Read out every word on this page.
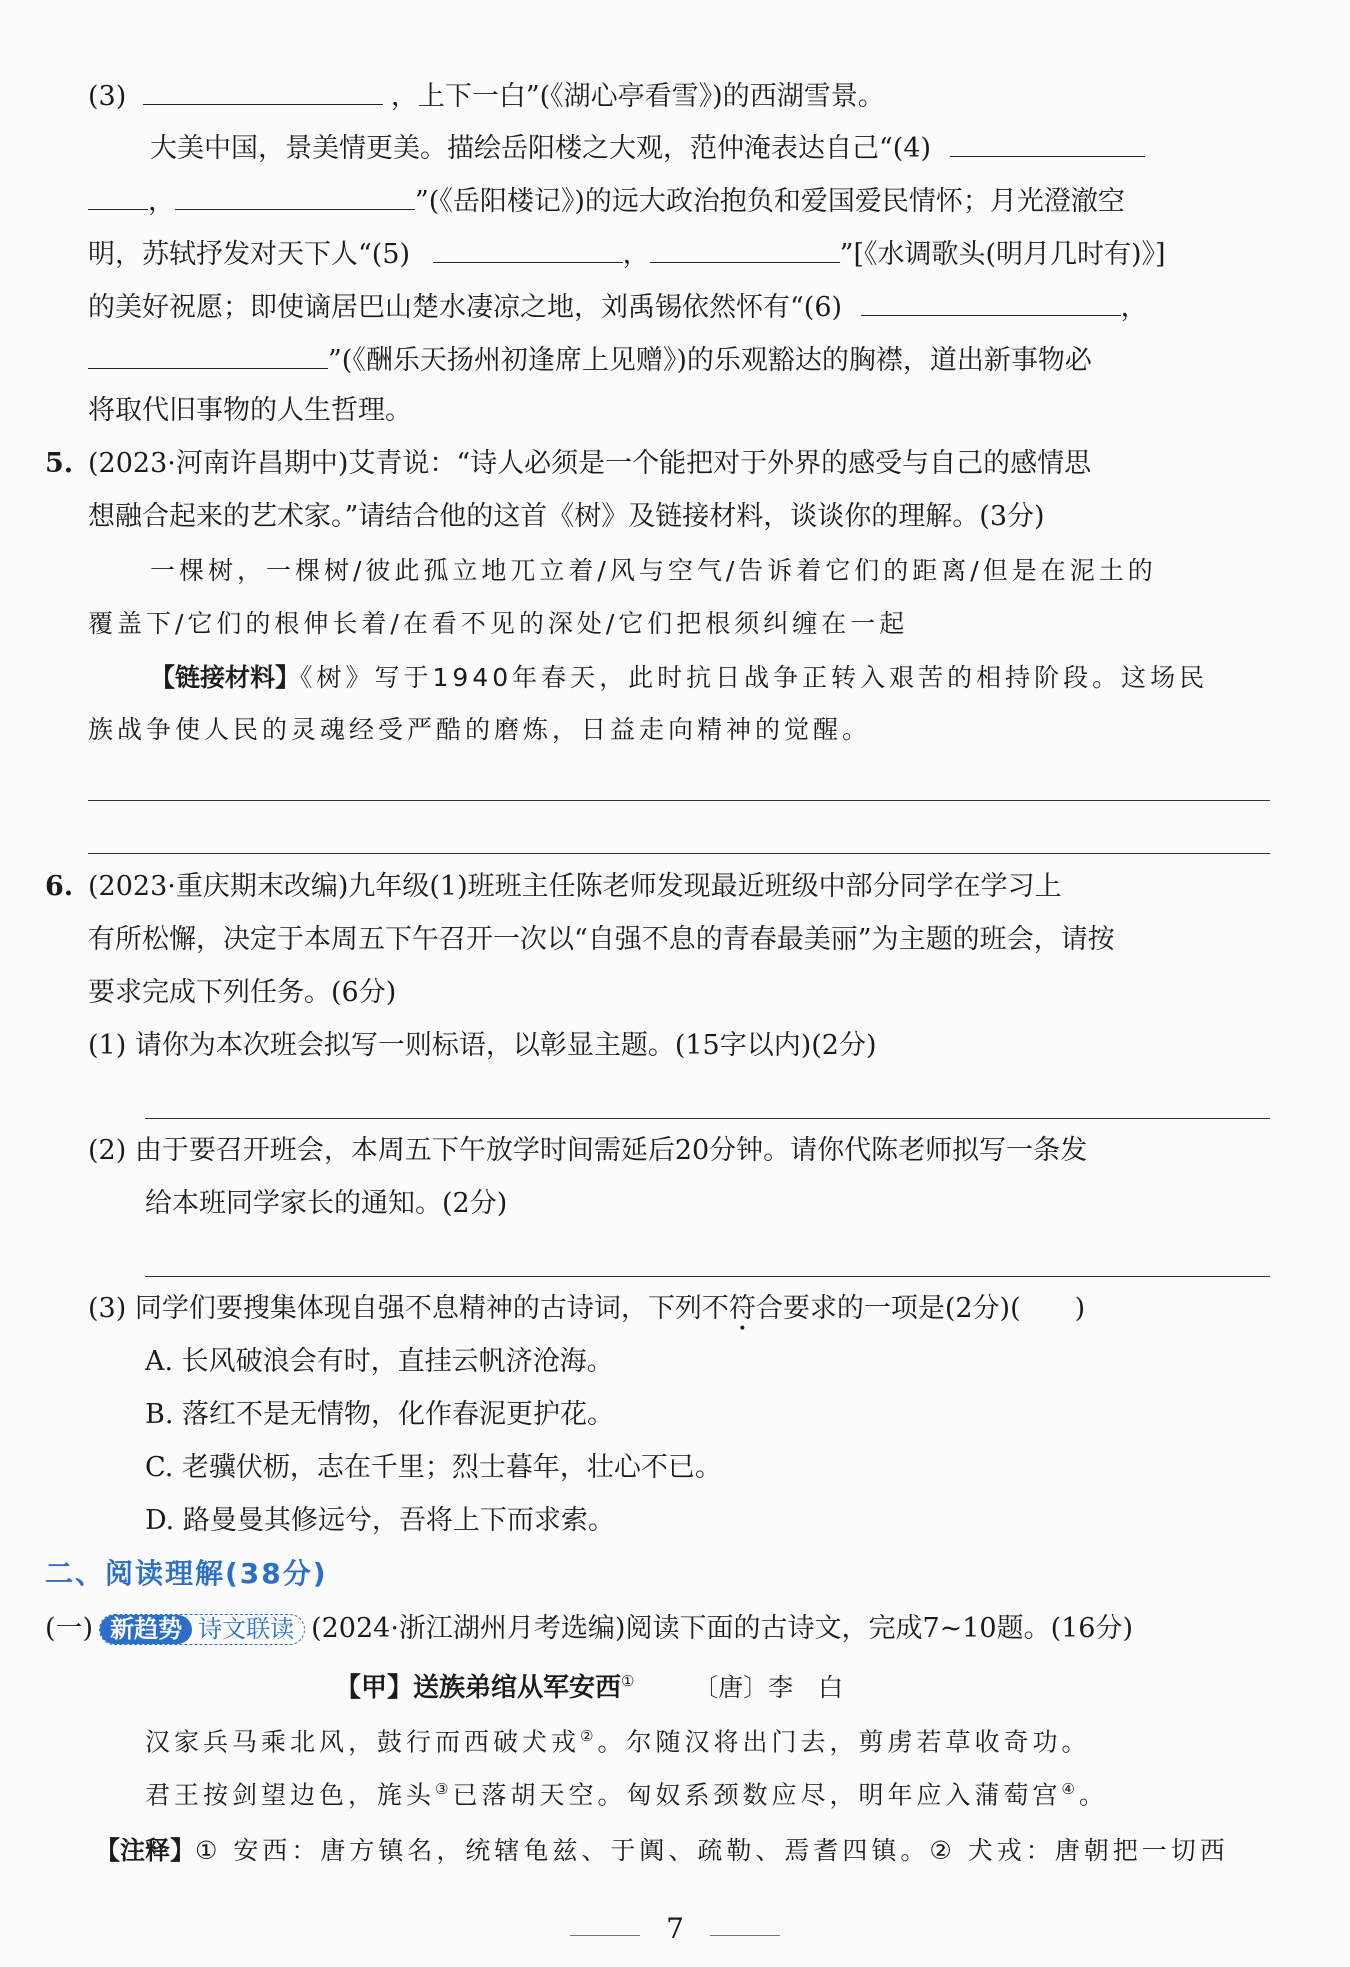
(3)	，上下一白”(《湖心亭看雪》)的西湖雪景。
大美中国，景美情更美。描绘岳阳楼之大观，范仲淹表达自己“(4)
，	”(《岳阳楼记》)的远大政治抱负和爱国爱民情怀；月光澄澈空
明，苏轼抒发对天下人“(5)	，	”[《水调歌头(明月几时有)》]
的美好祝愿；即使谪居巴山楚水凄凉之地，刘禹锡依然怀有“(6)	，
”(《酬乐天扬州初逢席上见赠》)的乐观豁达的胸襟，道出新事物必
将取代旧事物的人生哲理。
5. (2023·河南许昌期中)艾青说：“诗人必须是一个能把对于外界的感受与自己的感情思
想融合起来的艺术家。”请结合他的这首《树》及链接材料，谈谈你的理解。(3分)
一棵树，一棵树/彼此孤立地兀立着/风与空气/告诉着它们的距离/但是在泥土的
覆盖下/它们的根伸长着/在看不见的深处/它们把根须纠缠在一起
【链接材料】《树》写于1940年春天，此时抗日战争正转入艰苦的相持阶段。这场民
族战争使人民的灵魂经受严酷的磨炼，日益走向精神的觉醒。
6. (2023·重庆期末改编)九年级(1)班班主任陈老师发现最近班级中部分同学在学习上
有所松懈，决定于本周五下午召开一次以“自强不息的青春最美丽”为主题的班会，请按
要求完成下列任务。(6分)
(1) 请你为本次班会拟写一则标语，以彰显主题。(15字以内)(2分)
(2) 由于要召开班会，本周五下午放学时间需延后20分钟。请你代陈老师拟写一条发
给本班同学家长的通知。(2分)
(3) 同学们要搜集体现自强不息精神的古诗词，下列不符合要求的一项是(2分)(　　)
A. 长风破浪会有时，直挂云帆济沧海。
B. 落红不是无情物，化作春泥更护花。
C. 老骥伏枥，志在千里；烈士暮年，壮心不已。
D. 路曼曼其修远兮，吾将上下而求索。
二、阅读理解(38分)
(一) 新趋势 诗文联读 (2024·浙江湖州月考选编)阅读下面的古诗文，完成7~10题。(16分)
【甲】送族弟绾从军安西① 〔唐〕李　白
汉家兵马乘北风，鼓行而西破犬戎②。尔随汉将出门去，剪虏若草收奇功。
君王按剑望边色，旄头③已落胡天空。匈奴系颈数应尽，明年应入蒲萄宫④。
【注释】① 安西：唐方镇名，统辖龟兹、于阗、疏勒、焉耆四镇。② 犬戎：唐朝把一切西
7
